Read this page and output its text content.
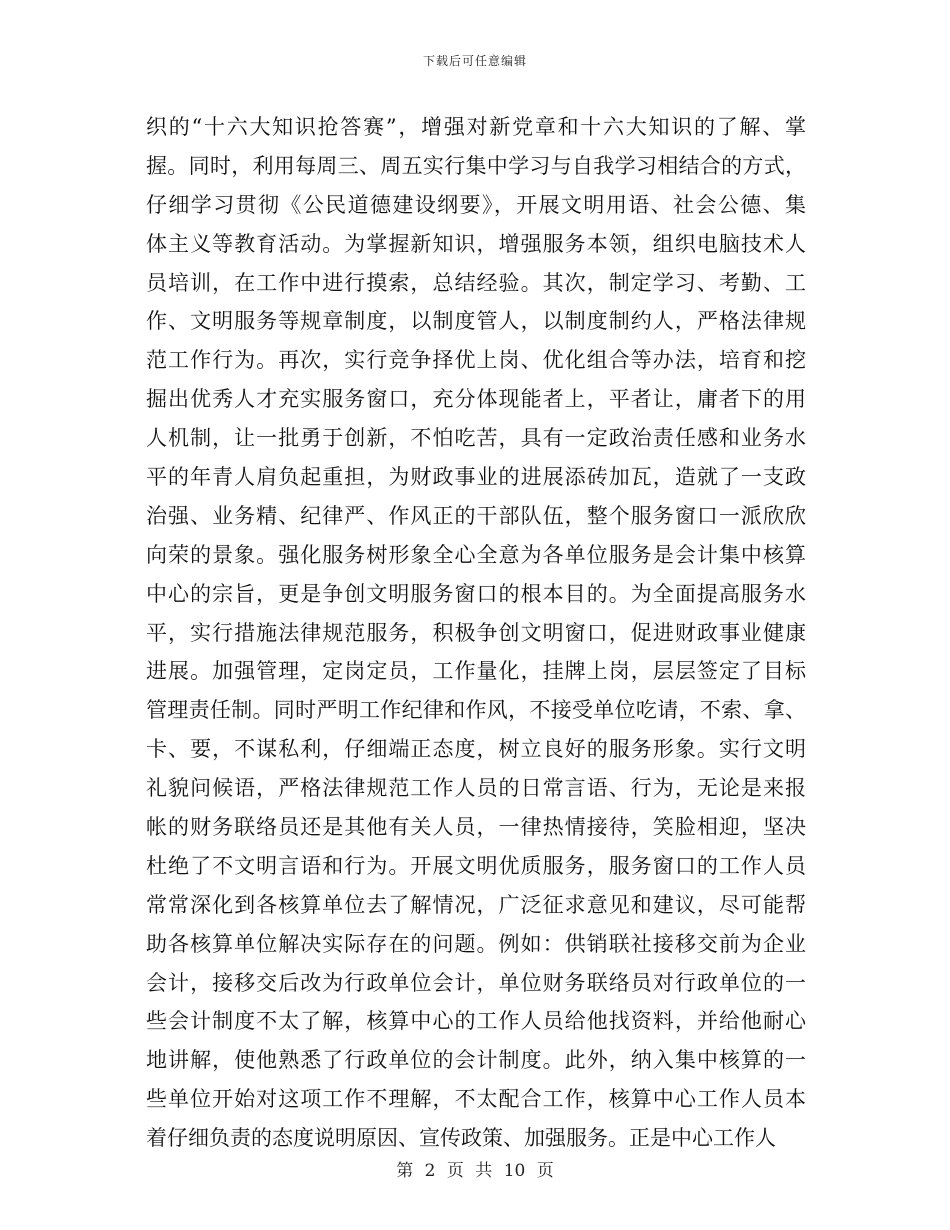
下载后可任意编辑
织的“十六大知识抢答赛”，增强对新党章和十六大知识的了解、掌
握。同时，利用每周三、周五实行集中学习与自我学习相结合的方式，
仔细学习贯彻《公民道德建设纲要》，开展文明用语、社会公德、集
体主义等教育活动。为掌握新知识，增强服务本领，组织电脑技术人
员培训，在工作中进行摸索，总结经验。其次，制定学习、考勤、工
作、文明服务等规章制度，以制度管人，以制度制约人，严格法律规
范工作行为。再次，实行竞争择优上岗、优化组合等办法，培育和挖
掘出优秀人才充实服务窗口，充分体现能者上，平者让，庸者下的用
人机制，让一批勇于创新，不怕吃苦，具有一定政治责任感和业务水
平的年青人肩负起重担，为财政事业的进展添砖加瓦，造就了一支政
治强、业务精、纪律严、作风正的干部队伍，整个服务窗口一派欣欣
向荣的景象。强化服务树形象全心全意为各单位服务是会计集中核算
中心的宗旨，更是争创文明服务窗口的根本目的。为全面提高服务水
平，实行措施法律规范服务，积极争创文明窗口，促进财政事业健康
进展。加强管理，定岗定员，工作量化，挂牌上岗，层层签定了目标
管理责任制。同时严明工作纪律和作风，不接受单位吃请，不索、拿、
卡、要，不谋私利，仔细端正态度，树立良好的服务形象。实行文明
礼貌问候语，严格法律规范工作人员的日常言语、行为，无论是来报
帐的财务联络员还是其他有关人员，一律热情接待，笑脸相迎，坚决
杜绝了不文明言语和行为。开展文明优质服务，服务窗口的工作人员
常常深化到各核算单位去了解情况，广泛征求意见和建议，尽可能帮
助各核算单位解决实际存在的问题。例如：供销联社接移交前为企业
会计，接移交后改为行政单位会计，单位财务联络员对行政单位的一
些会计制度不太了解，核算中心的工作人员给他找资料，并给他耐心
地讲解，使他熟悉了行政单位的会计制度。此外，纳入集中核算的一
些单位开始对这项工作不理解，不太配合工作，核算中心工作人员本
着仔细负责的态度说明原因、宣传政策、加强服务。正是中心工作人
第 2 页 共 10 页
